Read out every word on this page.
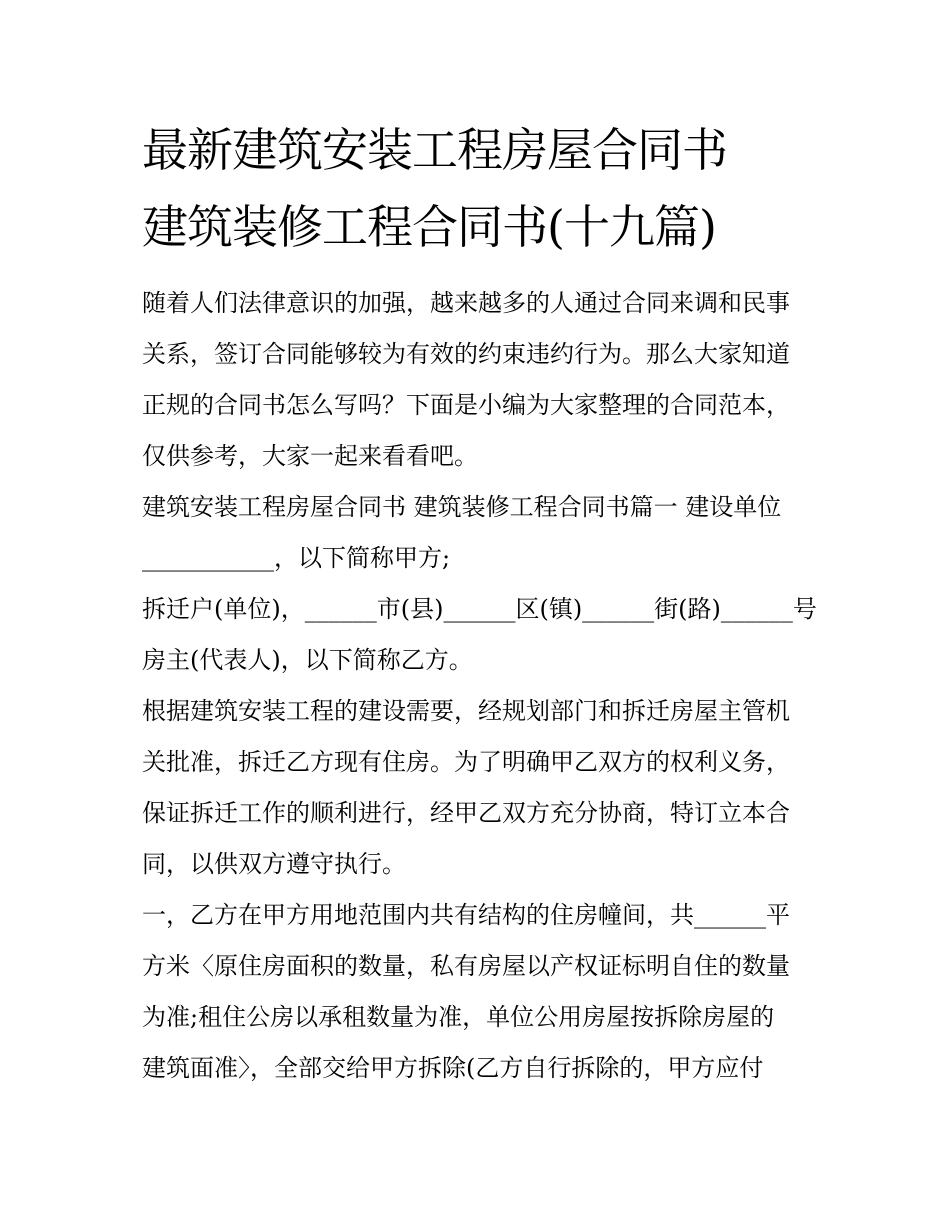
最新建筑安装工程房屋合同书
建筑装修工程合同书(十九篇)
随着人们法律意识的加强，越来越多的人通过合同来调和民事
关系，签订合同能够较为有效的约束违约行为。那么大家知道
正规的合同书怎么写吗？下面是小编为大家整理的合同范本，
仅供参考，大家一起来看看吧。
建筑安装工程房屋合同书 建筑装修工程合同书篇一 建设单位
___________，以下简称甲方;
拆迁户(单位)，______市(县)______区(镇)______街(路)______号
房主(代表人)，以下简称乙方。
根据建筑安装工程的建设需要，经规划部门和拆迁房屋主管机
关批准，拆迁乙方现有住房。为了明确甲乙双方的权利义务，
保证拆迁工作的顺利进行，经甲乙双方充分协商，特订立本合
同，以供双方遵守执行。
一，乙方在甲方用地范围内共有结构的住房幢间，共______平
方米〈原住房面积的数量，私有房屋以产权证标明自住的数量
为准;租住公房以承租数量为准，单位公用房屋按拆除房屋的
建筑面准〉，全部交给甲方拆除(乙方自行拆除的，甲方应付
